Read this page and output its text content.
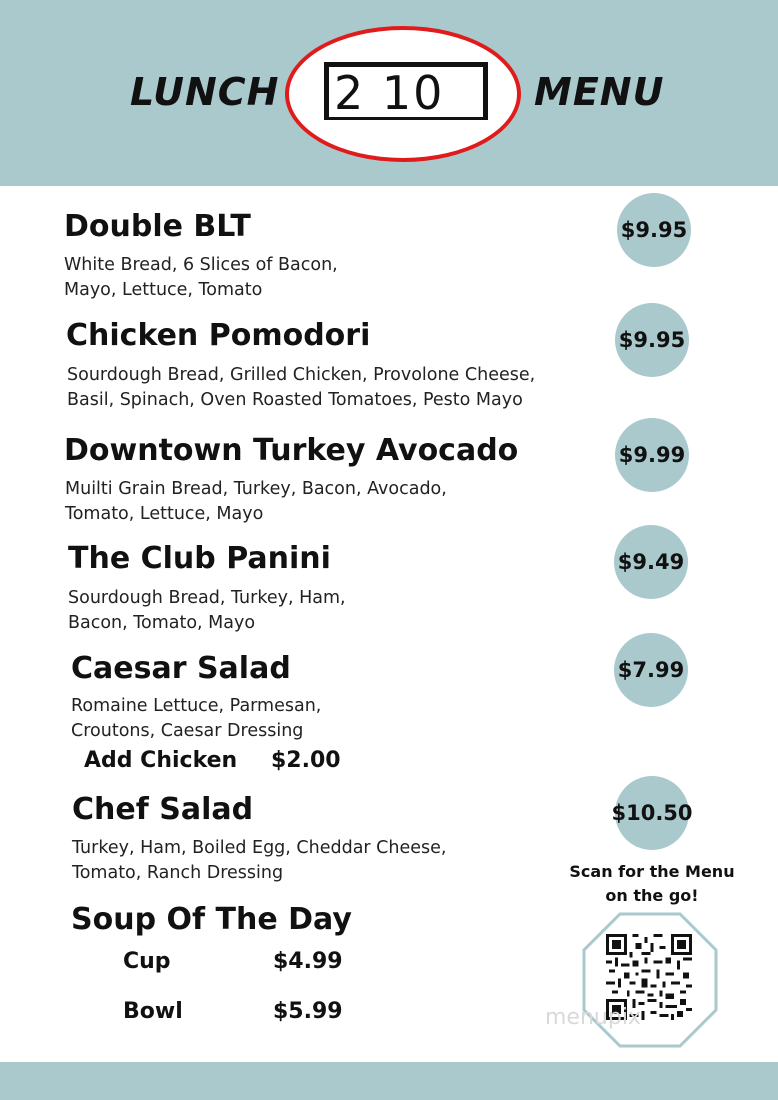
LUNCH 2 10 MENU
Double BLT
White Bread, 6 Slices of Bacon,
Mayo, Lettuce, Tomato
$9.95
Chicken Pomodori
Sourdough Bread, Grilled Chicken, Provolone Cheese,
Basil, Spinach, Oven Roasted Tomatoes, Pesto Mayo
$9.95
Downtown Turkey Avocado
Muilti Grain Bread, Turkey, Bacon, Avocado,
Tomato, Lettuce, Mayo
$9.99
The Club Panini
Sourdough Bread, Turkey, Ham,
Bacon, Tomato, Mayo
$9.49
Caesar Salad
Romaine Lettuce, Parmesan,
Croutons, Caesar Dressing
Add Chicken $2.00
$7.99
Chef Salad
Turkey, Ham, Boiled Egg, Cheddar Cheese,
Tomato, Ranch Dressing
$10.50
Soup Of The Day
Cup	$4.99
Bowl	$5.99
Scan for the Menu
on the go!
menupix
